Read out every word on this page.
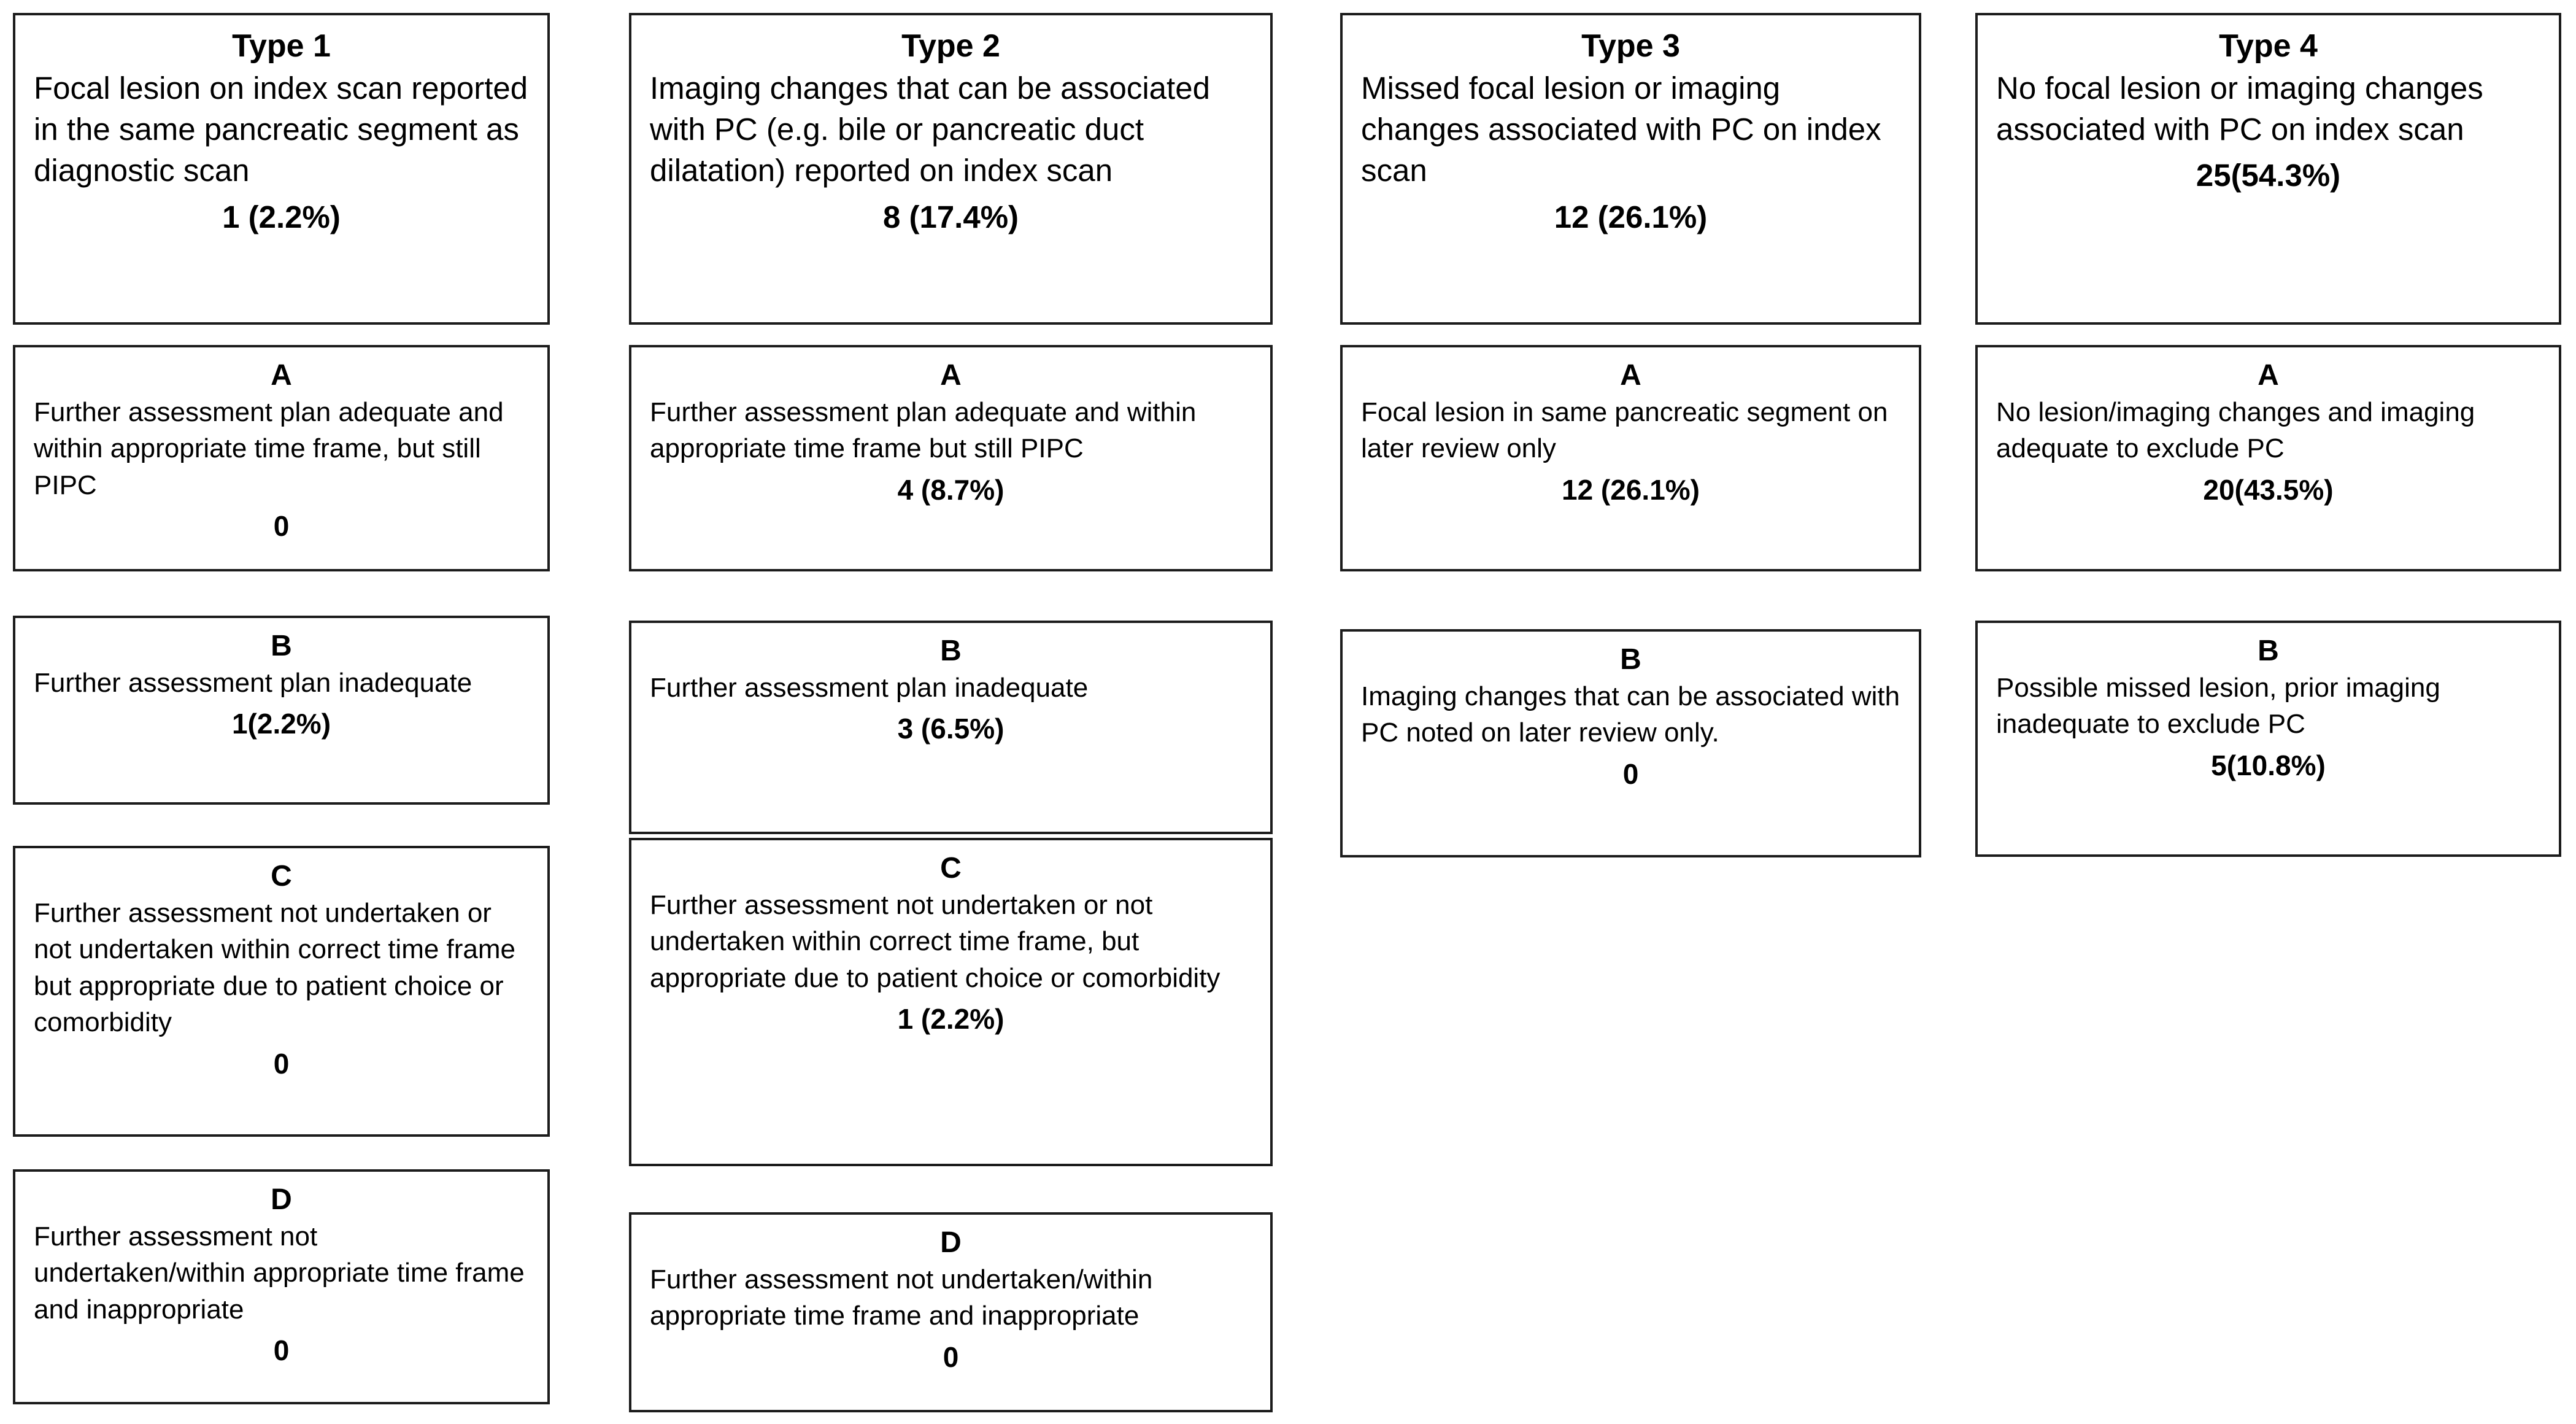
Type 1
Focal lesion on index scan reported in the same pancreatic segment as diagnostic scan
1 (2.2%)
A
Further assessment plan adequate and within appropriate time frame, but still PIPC
0
B
Further assessment plan inadequate
1(2.2%)
C
Further assessment not undertaken or not undertaken within correct time frame but appropriate due to patient choice or comorbidity
0
D
Further assessment not undertaken/within appropriate time frame and inappropriate
0
Type 2
Imaging changes that can be associated with PC (e.g. bile or pancreatic duct dilatation) reported on index scan
8 (17.4%)
A
Further assessment plan adequate and within appropriate time frame but still PIPC
4 (8.7%)
B
Further assessment plan inadequate
3 (6.5%)
C
Further assessment not undertaken or not undertaken within correct time frame, but appropriate due to patient choice or comorbidity
1 (2.2%)
D
Further assessment not undertaken/within appropriate time frame and inappropriate
0
Type 3
Missed focal lesion or imaging changes associated with PC on index scan
12 (26.1%)
A
Focal lesion in same pancreatic segment on later review only
12 (26.1%)
B
Imaging changes that can be associated with PC noted on later review only.
0
Type 4
No focal lesion or imaging changes associated with PC on index scan
25(54.3%)
A
No lesion/imaging changes and imaging adequate to exclude PC
20(43.5%)
B
Possible missed lesion, prior imaging inadequate to exclude PC
5(10.8%)
